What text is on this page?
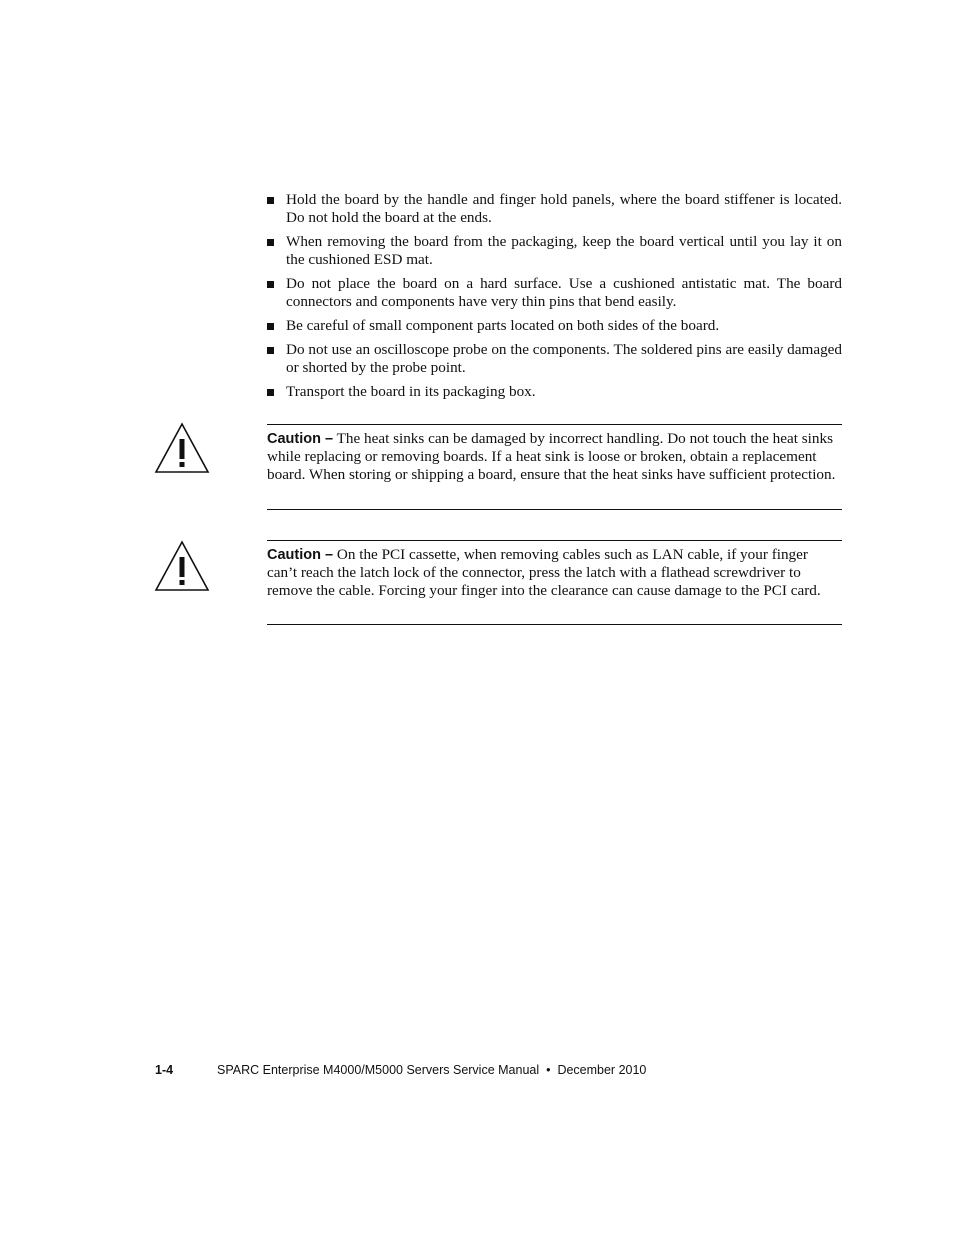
Hold the board by the handle and finger hold panels, where the board stiffener is located. Do not hold the board at the ends.
When removing the board from the packaging, keep the board vertical until you lay it on the cushioned ESD mat.
Do not place the board on a hard surface. Use a cushioned antistatic mat. The board connectors and components have very thin pins that bend easily.
Be careful of small component parts located on both sides of the board.
Do not use an oscilloscope probe on the components. The soldered pins are easily damaged or shorted by the probe point.
Transport the board in its packaging box.
Caution – The heat sinks can be damaged by incorrect handling. Do not touch the heat sinks while replacing or removing boards. If a heat sink is loose or broken, obtain a replacement board. When storing or shipping a board, ensure that the heat sinks have sufficient protection.
Caution – On the PCI cassette, when removing cables such as LAN cable, if your finger can’t reach the latch lock of the connector, press the latch with a flathead screwdriver to remove the cable. Forcing your finger into the clearance can cause damage to the PCI card.
1-4	SPARC Enterprise M4000/M5000 Servers Service Manual • December 2010
